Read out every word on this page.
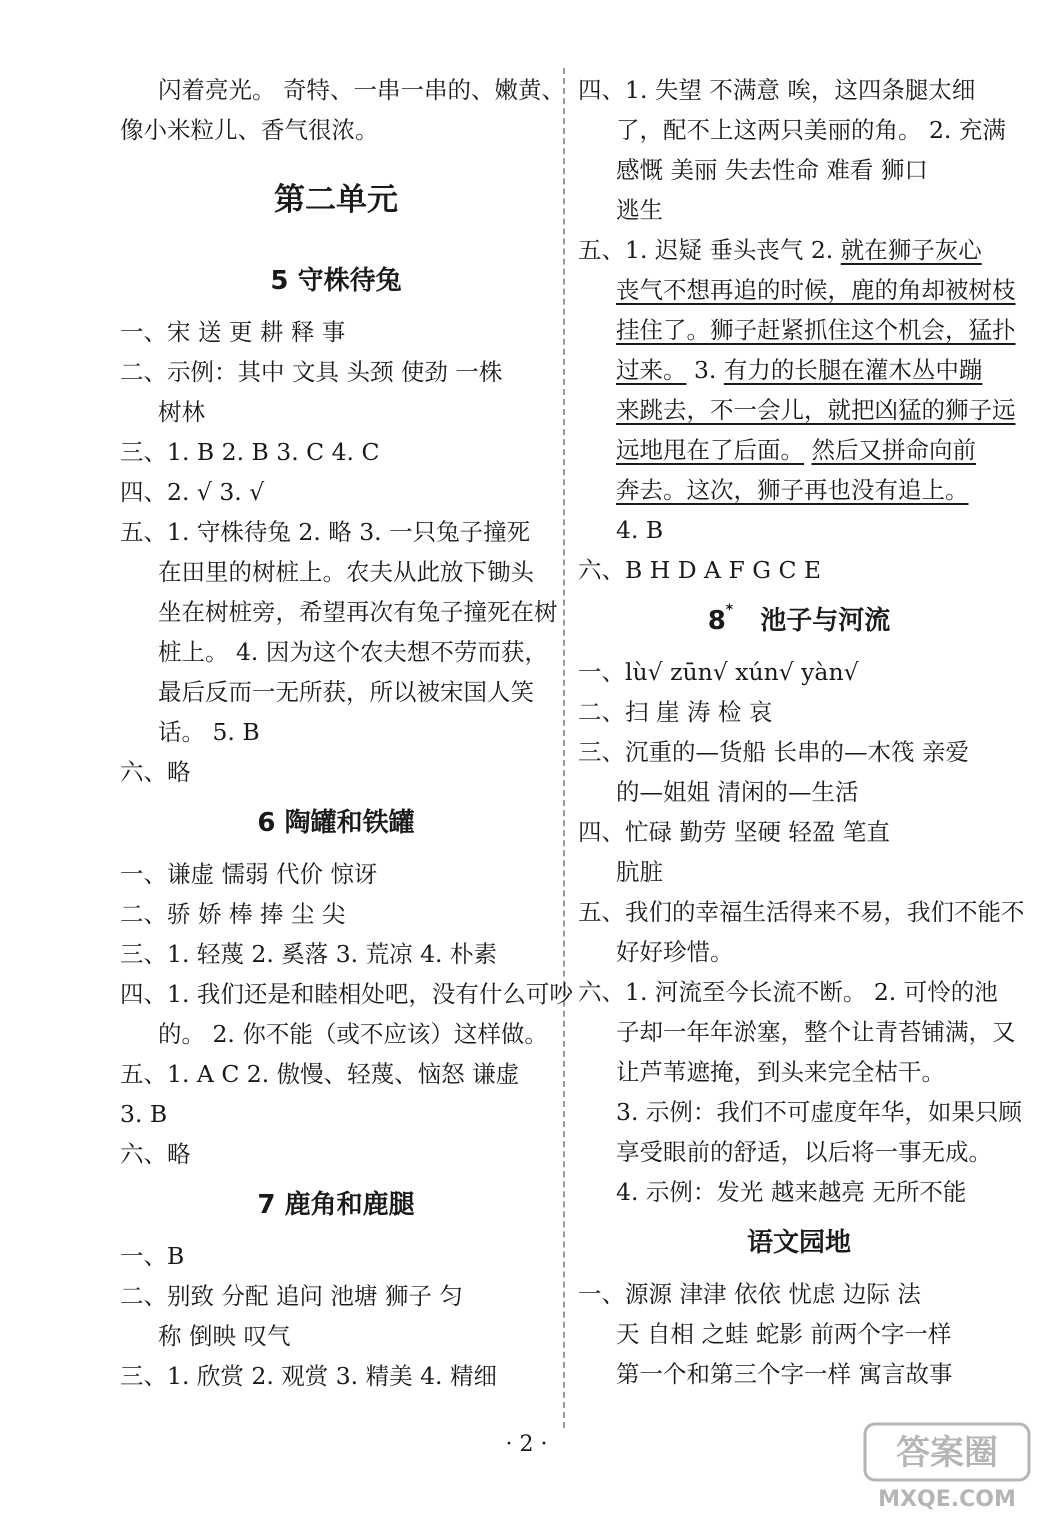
闪着亮光。 奇特、一串一串的、嫩黄、
像小米粒儿、香气很浓。
第二单元
5 守株待兔
一、宋 送 更 耕 释 事
二、示例：其中 文具 头颈 使劲 一株
树林
三、1. B 2. B 3. C 4. C
四、2. √ 3. √
五、1. 守株待兔 2. 略 3. 一只兔子撞死
在田里的树桩上。农夫从此放下锄头
坐在树桩旁，希望再次有兔子撞死在树
桩上。 4. 因为这个农夫想不劳而获，
最后反而一无所获，所以被宋国人笑
话。 5. B
六、略
6 陶罐和铁罐
一、谦虚 懦弱 代价 惊讶
二、骄 娇 棒 捧 尘 尖
三、1. 轻蔑 2. 奚落 3. 荒凉 4. 朴素
四、1. 我们还是和睦相处吧，没有什么可吵
的。 2. 你不能（或不应该）这样做。
五、1. A C 2. 傲慢、轻蔑、恼怒 谦虚
3. B
六、略
7 鹿角和鹿腿
一、B
二、别致 分配 追问 池塘 狮子 匀
称 倒映 叹气
三、1. 欣赏 2. 观赏 3. 精美 4. 精细
四、1. 失望 不满意 唉，这四条腿太细
了，配不上这两只美丽的角。 2. 充满
感慨 美丽 失去性命 难看 狮口
逃生
五、1. 迟疑 垂头丧气 2. 就在狮子灰心
丧气不想再追的时候，鹿的角却被树枝
挂住了。狮子赶紧抓住这个机会，猛扑
过来。 3. 有力的长腿在灌木丛中蹦
来跳去，不一会儿，就把凶猛的狮子远
远地甩在了后面。 然后又拼命向前
奔去。这次，狮子再也没有追上。
4. B
六、B H D A F G C E
8* 池子与河流
一、lù√ zūn√ xún√ yàn√
二、扫 崖 涛 检 哀
三、沉重的—货船 长串的—木筏 亲爱
的—姐姐 清闲的—生活
四、忙碌 勤劳 坚硬 轻盈 笔直
肮脏
五、我们的幸福生活得来不易，我们不能不
好好珍惜。
六、1. 河流至今长流不断。 2. 可怜的池
子却一年年淤塞，整个让青苔铺满，又
让芦苇遮掩，到头来完全枯干。
3. 示例：我们不可虚度年华，如果只顾
享受眼前的舒适，以后将一事无成。
4. 示例：发光 越来越亮 无所不能
语文园地
一、源源 津津 依依 忧虑 边际 法
天 自相 之蛙 蛇影 前两个字一样
第一个和第三个字一样 寓言故事
· 2 ·	答案圈
MXQE.COM
